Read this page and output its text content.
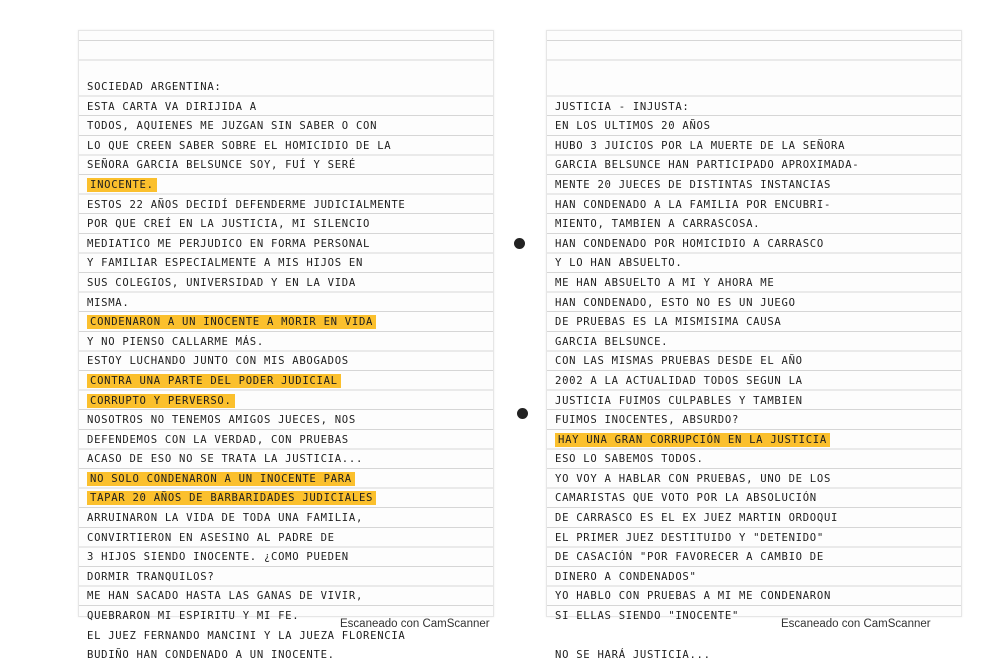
SOCIEDAD ARGENTINA:
ESTA CARTA VA DIRIJIDA A
TODOS, AQUIENES ME JUZGAN SIN SABER O CON
LO QUE CREEN SABER SOBRE EL HOMICIDIO DE LA
SEÑORA GARCIA BELSUNCE SOY, FUÍ Y SERÉ
INOCENTE.
ESTOS 22 AÑOS DECIDÍ DEFENDERME JUDICIALMENTE
POR QUE CREÍ EN LA JUSTICIA, MI SILENCIO
MEDIATICO ME PERJUDICO EN FORMA PERSONAL
Y FAMILIAR ESPECIALMENTE A MIS HIJOS EN
SUS COLEGIOS, UNIVERSIDAD Y EN LA VIDA
MISMA.
CONDENARON A UN INOCENTE A MORIR EN VIDA
Y NO PIENSO CALLARME MÁS.
ESTOY LUCHANDO JUNTO CON MIS ABOGADOS
CONTRA UNA PARTE DEL PODER JUDICIAL
CORRUPTO Y PERVERSO.
NOSOTROS NO TENEMOS AMIGOS JUECES, NOS
DEFENDEMOS CON LA VERDAD, CON PRUEBAS
ACASO DE ESO NO SE TRATA LA JUSTICIA...
NO SOLO CONDENARON A UN INOCENTE PARA
TAPAR 20 AÑOS DE BARBARIDADES JUDICIALES
ARRUINARON LA VIDA DE TODA UNA FAMILIA,
CONVIRTIERON EN ASESINO AL PADRE DE
3 HIJOS SIENDO INOCENTE. ¿COMO PUEDEN
DORMIR TRANQUILOS?
ME HAN SACADO HASTA LAS GANAS DE VIVIR,
QUEBRARON MI ESPIRITU Y MI FE.
EL JUEZ FERNANDO MANCINI Y LA JUEZA FLORENCIA
BUDIÑO HAN CONDENADO A UN INOCENTE.
JUSTICIA - INJUSTA:
EN LOS ULTIMOS 20 AÑOS
HUBO 3 JUICIOS POR LA MUERTE DE LA SEÑORA
GARCIA BELSUNCE HAN PARTICIPADO APROXIMADA-
MENTE 20 JUECES DE DISTINTAS INSTANCIAS
HAN CONDENADO A LA FAMILIA POR ENCUBRI-
MIENTO, TAMBIEN A CARRASCOSA.
HAN CONDENADO POR HOMICIDIO A CARRASCO
Y LO HAN ABSUELTO.
ME HAN ABSUELTO A MI Y AHORA ME
HAN CONDENADO, ESTO NO ES UN JUEGO
DE PRUEBAS ES LA MISMISIMA CAUSA
GARCIA BELSUNCE.
CON LAS MISMAS PRUEBAS DESDE EL AÑO
2002 A LA ACTUALIDAD TODOS SEGUN LA
JUSTICIA FUIMOS CULPABLES Y TAMBIEN
FUIMOS INOCENTES, ABSURDO?
HAY UNA GRAN CORRUPCIÓN EN LA JUSTICIA
ESO LO SABEMOS TODOS.
YO VOY A HABLAR CON PRUEBAS, UNO DE LOS
CAMARISTAS QUE VOTO POR LA ABSOLUCIÓN
DE CARRASCO ES EL EX JUEZ MARTIN ORDOQUI
EL PRIMER JUEZ DESTITUIDO Y "DETENIDO"
DE CASACIÓN "POR FAVORECER A CAMBIO DE
DINERO A CONDENADOS"
YO HABLO CON PRUEBAS A MI ME CONDENARON
SI ELLAS SIENDO "INOCENTE"
NO SE HARÁ JUSTICIA...
Escaneado con CamScanner	Escaneado con CamScanner
